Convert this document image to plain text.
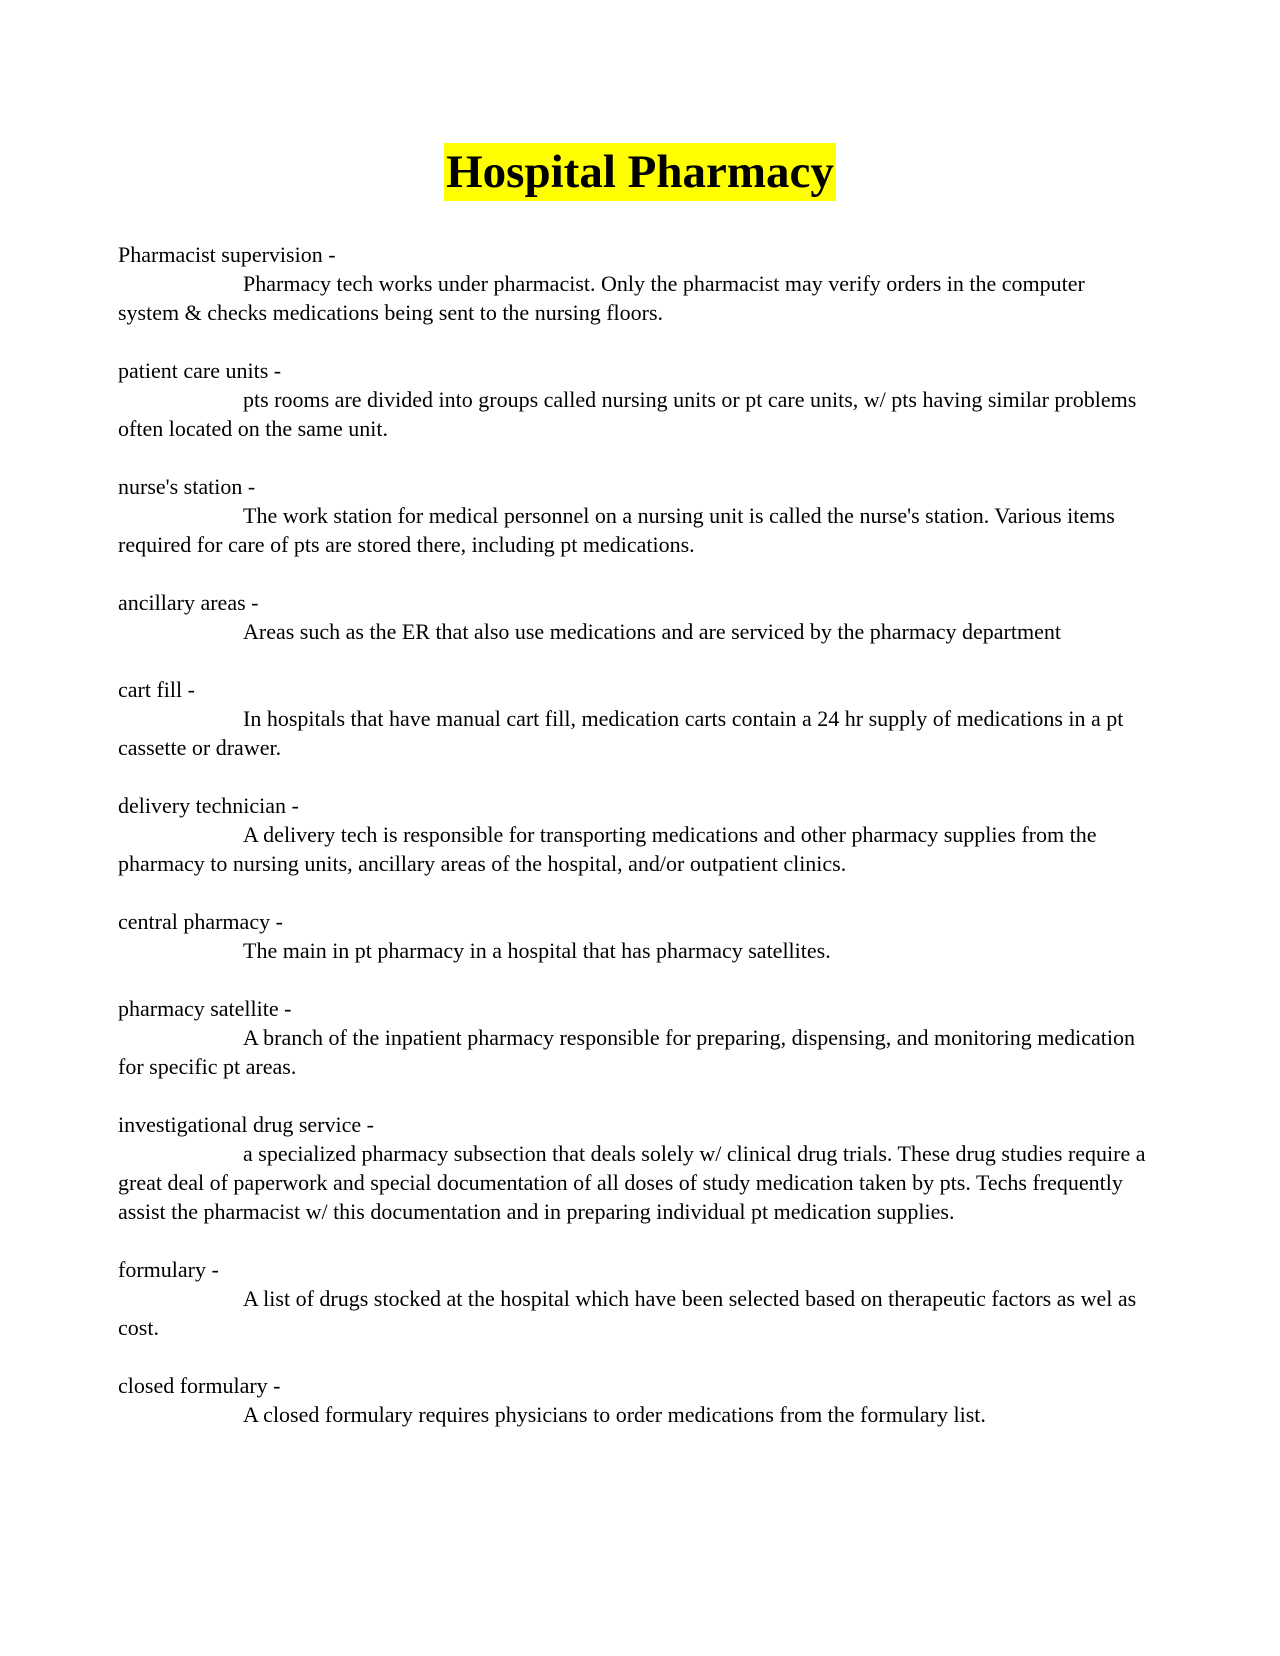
Hospital Pharmacy

Pharmacist supervision -

Pharmacy tech works under pharmacist. Only the pharmacist may verify orders in the computer system & checks medications being sent to the nursing floors.

patient care units -

pts rooms are divided into groups called nursing units or pt care units, w/ pts having similar problems often located on the same unit.

nurse's station -

The work station for medical personnel on a nursing unit is called the nurse's station. Various items required for care of pts are stored there, including pt medications.

ancillary areas -

Areas such as the ER that also use medications and are serviced by the pharmacy department

cart fill -

In hospitals that have manual cart fill, medication carts contain a 24 hr supply of medications in a pt cassette or drawer.

delivery technician -

A delivery tech is responsible for transporting medications and other pharmacy supplies from the pharmacy to nursing units, ancillary areas of the hospital, and/or outpatient clinics.

central pharmacy -

The main in pt pharmacy in a hospital that has pharmacy satellites.

pharmacy satellite -

A branch of the inpatient pharmacy responsible for preparing, dispensing, and monitoring medication for specific pt areas.

investigational drug service -

a specialized pharmacy subsection that deals solely w/ clinical drug trials. These drug studies require a great deal of paperwork and special documentation of all doses of study medication taken by pts. Techs frequently assist the pharmacist w/ this documentation and in preparing individual pt medication supplies.

formulary -

A list of drugs stocked at the hospital which have been selected based on therapeutic factors as wel as cost.

closed formulary -

A closed formulary requires physicians to order medications from the formulary list.
